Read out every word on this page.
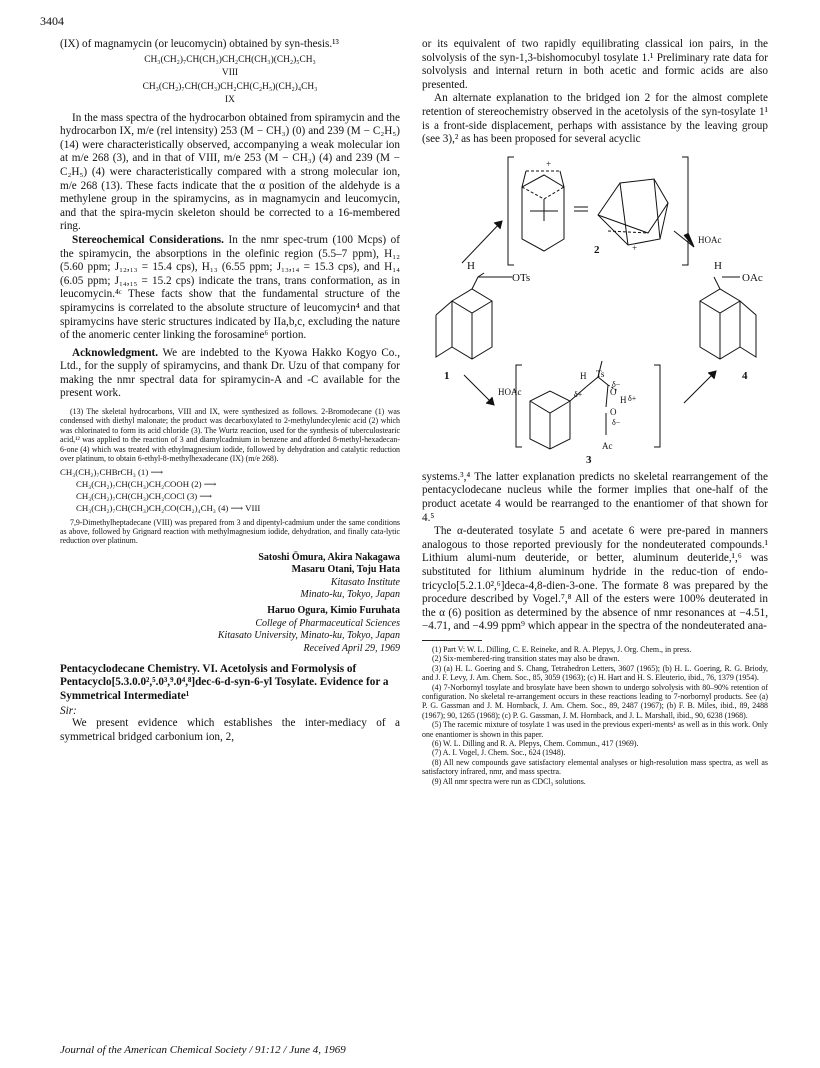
3404

(IX) of magnamycin (or leucomycin) obtained by syn-thesis.¹³

CH₃(CH₂)₇CH(CH₃)CH₂CH(CH₃)(CH₂)₅CH₃
VIII
CH₃(CH₂)₇CH(CH₃)CH₂CH(C₂H₅)(CH₂)₄CH₃
IX

In the mass spectra of the hydrocarbon obtained from spiramycin and the hydrocarbon IX, m/e (rel intensity) 253 (M − CH₃) (0) and 239 (M − C₂H₅) (14) were characteristically observed, accompanying a weak molecular ion at m/e 268 (3), and in that of VIII, m/e 253 (M − CH₃) (4) and 239 (M − C₂H₅) (4) were characteristically compared with a strong molecular ion, m/e 268 (13). These facts indicate that the α position of the aldehyde is a methylene group in the spiramycins, as in magnamycin and leucomycin, and that the spira-mycin skeleton should be corrected to a 16-membered ring.

Stereochemical Considerations. In the nmr spec-trum (100 Mcps) of the spiramycin, the absorptions in the olefinic region (5.5–7 ppm), H₁₂ (5.60 ppm; J₁₂,₁₃ = 15.4 cps), H₁₃ (6.55 ppm; J₁₃,₁₄ = 15.3 cps), and H₁₄ (6.05 ppm; J₁₄,₁₅ = 15.2 cps) indicate the trans, trans conformation, as in leucomycin.⁴ᶜ These facts show that the fundamental structure of the spiramycins is correlated to the absolute structure of leucomycin⁴ and that spiramycins have steric structures indicated by IIa,b,c, excluding the nature of the anomeric center linking the forosamine⁶ portion.

Acknowledgment. We are indebted to the Kyowa Hakko Kogyo Co., Ltd., for the supply of spiramycins, and thank Dr. Uzu of that company for making the nmr spectral data for spiramycin-A and -C available for the present work.

(13) The skeletal hydrocarbons, VIII and IX, were synthesized as follows. 2-Bromodecane (1) was condensed with diethyl malonate; the product was decarboxylated to 2-methylundecylenic acid (2) which was chlorinated to form its acid chloride (3). The Wurtz reaction, used for the synthesis of tuberculostearic acid,¹² was applied to the reaction of 3 and diamylcadmium in benzene and afforded 8-methyl-hexadecan-6-one (4) which was treated with ethylmagnesium iodide, followed by dehydration and catalytic reduction over platinum, to obtain 6-ethyl-8-methylhexadecane (IX) (m/e 268).

CH₃(CH₂)₇CHBrCH₃ (1) ⟶
CH₃(CH₂)₇CH(CH₃)CH₂COOH (2) ⟶
CH₃(CH₂)₇CH(CH₃)CH₂COCl (3) ⟶
CH₃(CH₂)₇CH(CH₃)CH₂CO(CH₂)₄CH₃ (4) ⟶ VIII

7,9-Dimethylheptadecane (VIII) was prepared from 3 and dipentyl-cadmium under the same conditions as above, followed by Grignard reaction with methylmagnesium iodide, dehydration, and finally cata-lytic reduction over platinum.

Satoshi Ōmura, Akira Nakagawa
Masaru Otani, Toju Hata
Kitasato Institute
Minato-ku, Tokyo, Japan
Haruo Ogura, Kimio Furuhata
College of Pharmaceutical Sciences
Kitasato University, Minato-ku, Tokyo, Japan
Received April 29, 1969
Pentacyclodecane Chemistry. VI. Acetolysis and Formolysis of Pentacyclo[5.3.0.0²,⁵.0³,⁹.0⁴,⁸]dec-6-d-syn-6-yl Tosylate. Evidence for a Symmetrical Intermediate¹
Sir:

We present evidence which establishes the inter-mediacy of a symmetrical bridged carbonium ion, 2,

or its equivalent of two rapidly equilibrating classical ion pairs, in the solvolysis of the syn-1,3-bishomocubyl tosylate 1.¹ Preliminary rate data for solvolysis and internal return in both acetic and formic acids are also presented.

An alternate explanation to the bridged ion 2 for the almost complete retention of stereochemistry observed in the acetolysis of the syn-tosylate 1¹ is a front-side displacement, perhaps with assistance by the leaving group (see 3),² as has been proposed for several acyclic

H	H
OTs	OAc
2
1	4
3
+
+
Ts
Ac
O
O
H
H
δ−
δ−
δ+	δ+
HOAc
HOAc

systems.³,⁴ The latter explanation predicts no skeletal rearrangement of the pentacyclodecane nucleus while the former implies that one-half of the product acetate 4 would be rearranged to the enantiomer of that shown for 4.⁵

The α-deuterated tosylate 5 and acetate 6 were pre-pared in manners analogous to those reported previously for the nondeuterated compounds.¹ Lithium alumi-num deuteride, or better, aluminum deuteride,¹,⁶ was substituted for lithium aluminum hydride in the reduc-tion of endo-tricyclo[5.2.1.0²,⁶]deca-4,8-dien-3-one. The formate 8 was prepared by the procedure described by Vogel.⁷,⁸ All of the esters were 100% deuterated in the α (6) position as determined by the absence of nmr resonances at −4.51, −4.71, and −4.99 ppm⁹ which appear in the spectra of the nondeuterated ana-

(1) Part V: W. L. Dilling, C. E. Reineke, and R. A. Plepys, J. Org. Chem., in press.

(2) Six-membered-ring transition states may also be drawn.

(3) (a) H. L. Goering and S. Chang, Tetrahedron Letters, 3607 (1965); (b) H. L. Goering, R. G. Briody, and J. F. Levy, J. Am. Chem. Soc., 85, 3059 (1963); (c) H. Hart and H. S. Eleuterio, ibid., 76, 1379 (1954).

(4) 7-Norbornyl tosylate and brosylate have been shown to undergo solvolysis with 80–90% retention of configuration. No skeletal re-arrangement occurs in these reactions leading to 7-norbornyl products. See (a) P. G. Gassman and J. M. Hornback, J. Am. Chem. Soc., 89, 2487 (1967); (b) F. B. Miles, ibid., 89, 2488 (1967); 90, 1265 (1968); (c) P. G. Gassman, J. M. Hornback, and J. L. Marshall, ibid., 90, 6238 (1968).

(5) The racemic mixture of tosylate 1 was used in the previous experi-ments¹ as well as in this work. Only one enantiomer is shown in this paper.

(6) W. L. Dilling and R. A. Plepys, Chem. Commun., 417 (1969).

(7) A. I. Vogel, J. Chem. Soc., 624 (1948).

(8) All new compounds gave satisfactory elemental analyses or high-resolution mass spectra, as well as satisfactory infrared, nmr, and mass spectra.

(9) All nmr spectra were run as CDCl₃ solutions.

Journal of the American Chemical Society / 91:12 / June 4, 1969
